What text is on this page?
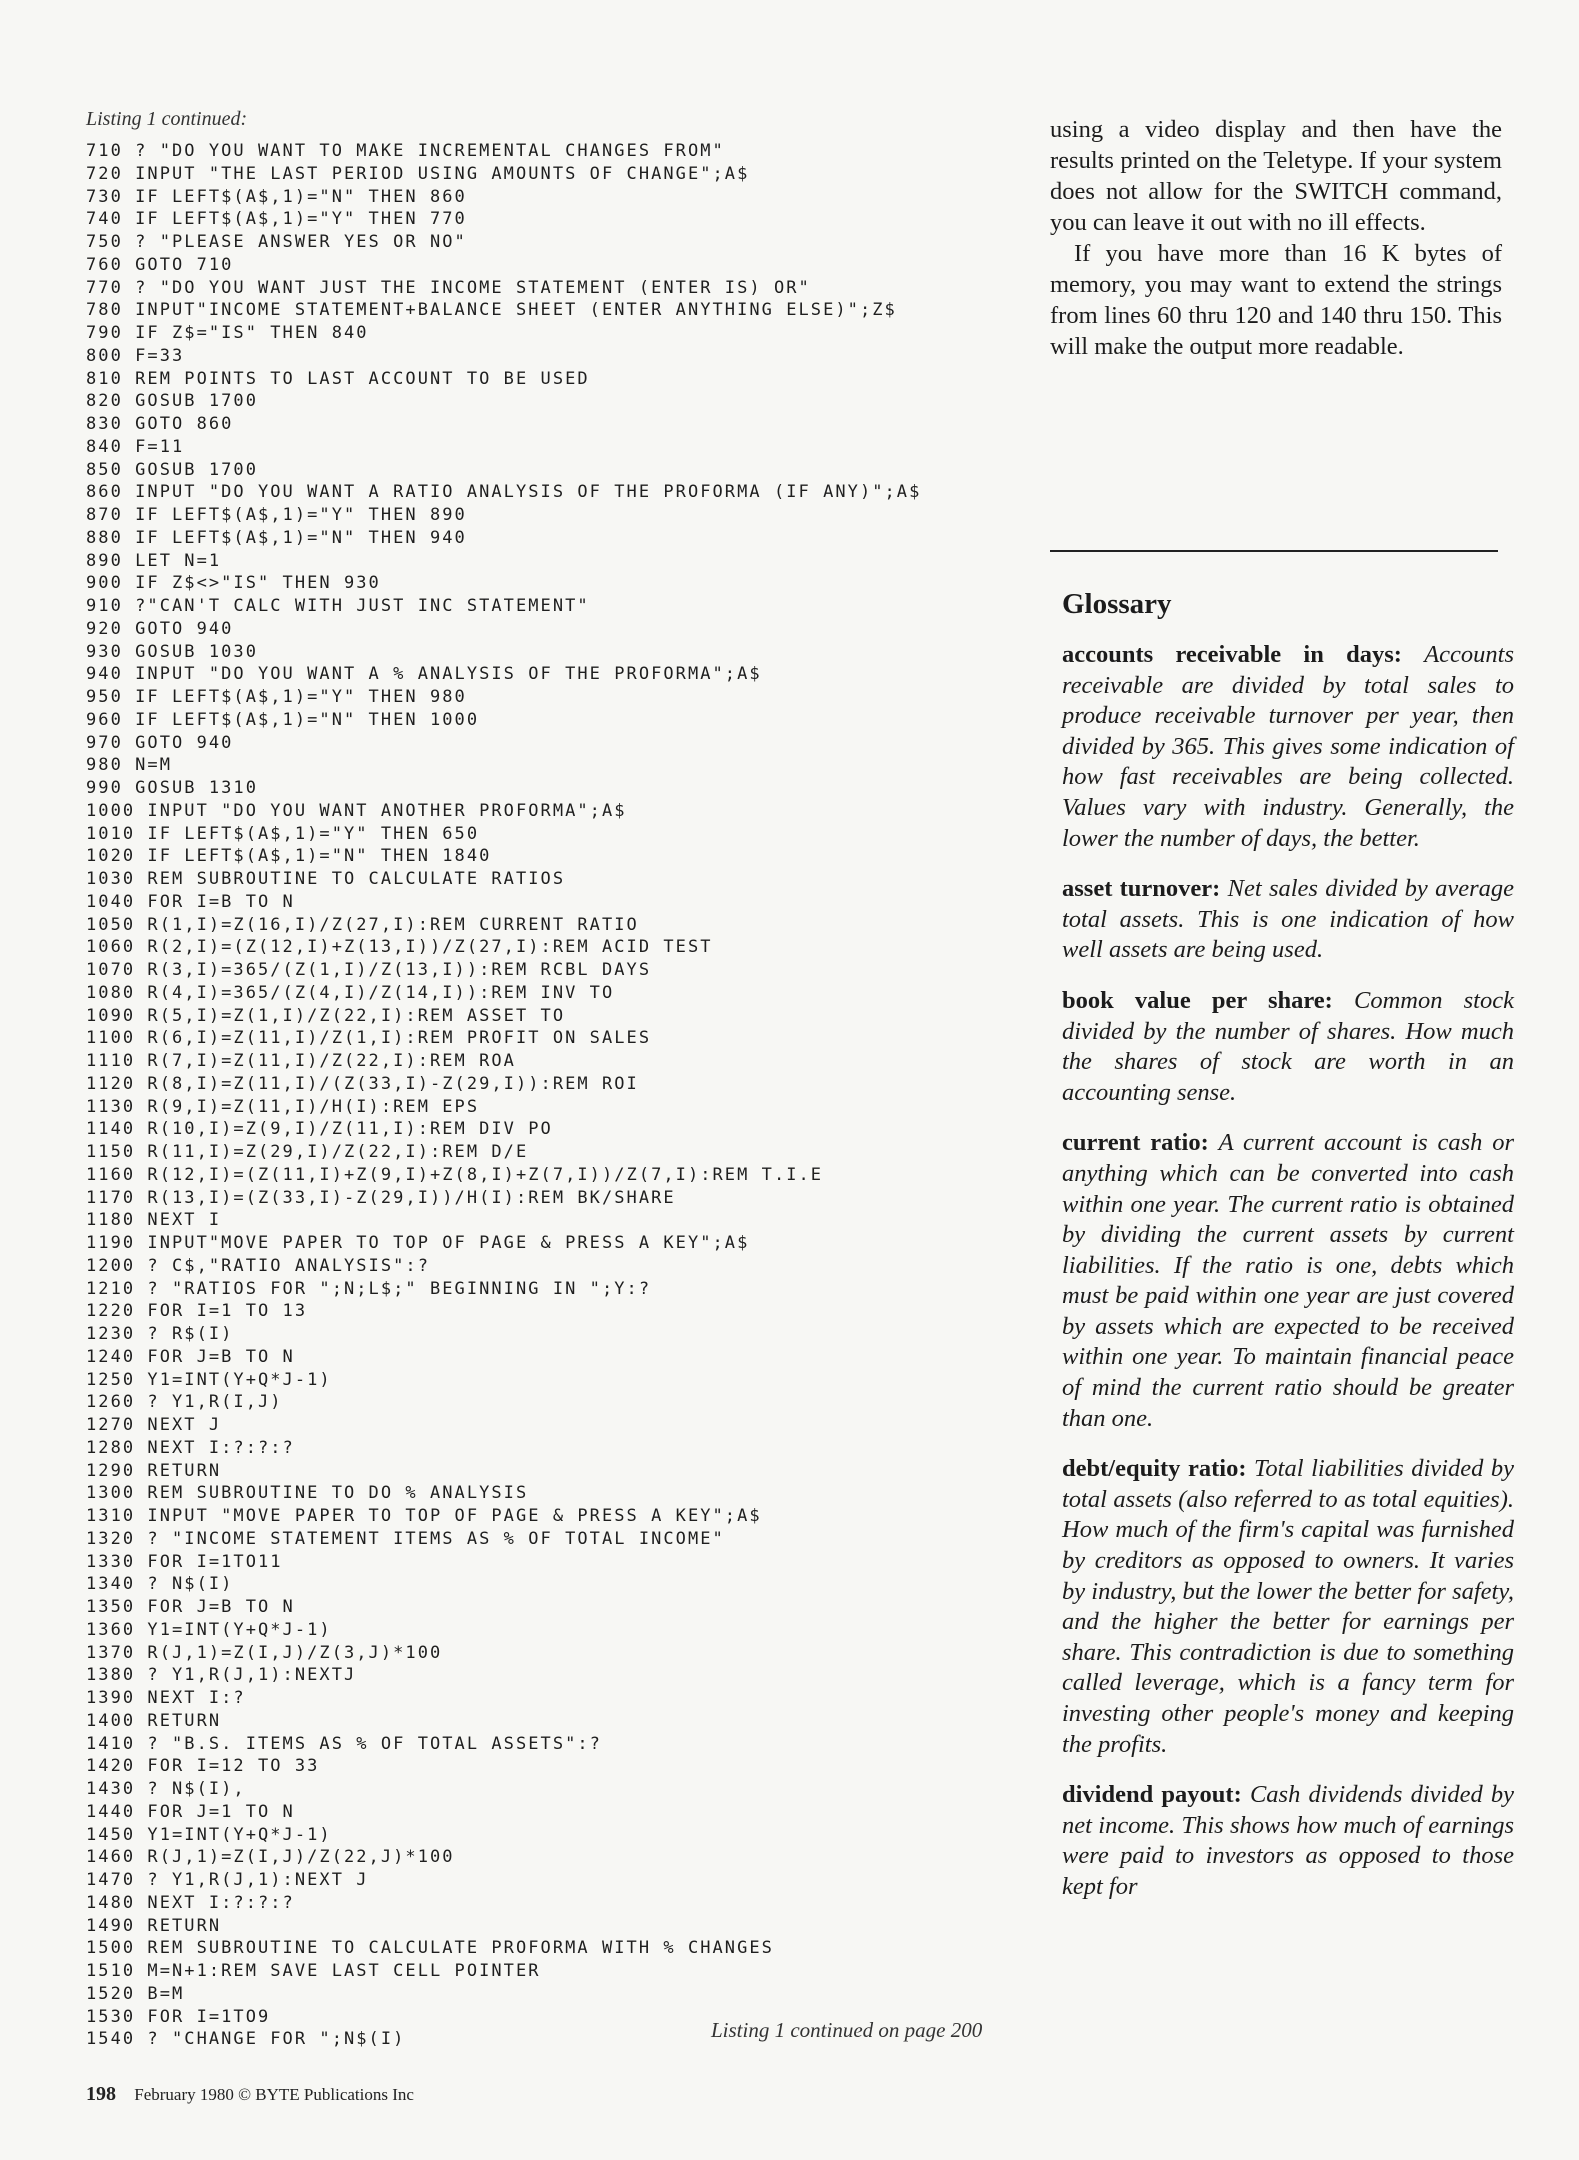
Listing 1 continued:
710 ? "DO YOU WANT TO MAKE INCREMENTAL CHANGES FROM"
720 INPUT "THE LAST PERIOD USING AMOUNTS OF CHANGE";A$
730 IF LEFT$(A$,1)="N" THEN 860
740 IF LEFT$(A$,1)="Y" THEN 770
750 ? "PLEASE ANSWER YES OR NO"
760 GOTO 710
770 ? "DO YOU WANT JUST THE INCOME STATEMENT (ENTER IS) OR"
780 INPUT"INCOME STATEMENT+BALANCE SHEET (ENTER ANYTHING ELSE)";Z$
790 IF Z$="IS" THEN 840
800 F=33
810 REM POINTS TO LAST ACCOUNT TO BE USED
820 GOSUB 1700
830 GOTO 860
840 F=11
850 GOSUB 1700
860 INPUT "DO YOU WANT A RATIO ANALYSIS OF THE PROFORMA (IF ANY)";A$
870 IF LEFT$(A$,1)="Y" THEN 890
880 IF LEFT$(A$,1)="N" THEN 940
890 LET N=1
900 IF Z$<>"IS" THEN 930
910 ?"CAN'T CALC WITH JUST INC STATEMENT"
920 GOTO 940
930 GOSUB 1030
940 INPUT "DO YOU WANT A % ANALYSIS OF THE PROFORMA";A$
950 IF LEFT$(A$,1)="Y" THEN 980
960 IF LEFT$(A$,1)="N" THEN 1000
970 GOTO 940
980 N=M
990 GOSUB 1310
1000 INPUT "DO YOU WANT ANOTHER PROFORMA";A$
1010 IF LEFT$(A$,1)="Y" THEN 650
1020 IF LEFT$(A$,1)="N" THEN 1840
1030 REM SUBROUTINE TO CALCULATE RATIOS
1040 FOR I=B TO N
1050 R(1,I)=Z(16,I)/Z(27,I):REM CURRENT RATIO
1060 R(2,I)=(Z(12,I)+Z(13,I))/Z(27,I):REM ACID TEST
1070 R(3,I)=365/(Z(1,I)/Z(13,I)):REM RCBL DAYS
1080 R(4,I)=365/(Z(4,I)/Z(14,I)):REM INV TO
1090 R(5,I)=Z(1,I)/Z(22,I):REM ASSET TO
1100 R(6,I)=Z(11,I)/Z(1,I):REM PROFIT ON SALES
1110 R(7,I)=Z(11,I)/Z(22,I):REM ROA
1120 R(8,I)=Z(11,I)/(Z(33,I)-Z(29,I)):REM ROI
1130 R(9,I)=Z(11,I)/H(I):REM EPS
1140 R(10,I)=Z(9,I)/Z(11,I):REM DIV PO
1150 R(11,I)=Z(29,I)/Z(22,I):REM D/E
1160 R(12,I)=(Z(11,I)+Z(9,I)+Z(8,I)+Z(7,I))/Z(7,I):REM T.I.E
1170 R(13,I)=(Z(33,I)-Z(29,I))/H(I):REM BK/SHARE
1180 NEXT I
1190 INPUT"MOVE PAPER TO TOP OF PAGE & PRESS A KEY";A$
1200 ? C$,"RATIO ANALYSIS":?
1210 ? "RATIOS FOR ";N;L$;" BEGINNING IN ";Y:?
1220 FOR I=1 TO 13
1230 ? R$(I)
1240 FOR J=B TO N
1250 Y1=INT(Y+Q*J-1)
1260 ? Y1,R(I,J)
1270 NEXT J
1280 NEXT I:?:?:?
1290 RETURN
1300 REM SUBROUTINE TO DO % ANALYSIS
1310 INPUT "MOVE PAPER TO TOP OF PAGE & PRESS A KEY";A$
1320 ? "INCOME STATEMENT ITEMS AS % OF TOTAL INCOME"
1330 FOR I=1TO11
1340 ? N$(I)
1350 FOR J=B TO N
1360 Y1=INT(Y+Q*J-1)
1370 R(J,1)=Z(I,J)/Z(3,J)*100
1380 ? Y1,R(J,1):NEXTJ
1390 NEXT I:?
1400 RETURN
1410 ? "B.S. ITEMS AS % OF TOTAL ASSETS":?
1420 FOR I=12 TO 33
1430 ? N$(I),
1440 FOR J=1 TO N
1450 Y1=INT(Y+Q*J-1)
1460 R(J,1)=Z(I,J)/Z(22,J)*100
1470 ? Y1,R(J,1):NEXT J
1480 NEXT I:?:?:?
1490 RETURN
1500 REM SUBROUTINE TO CALCULATE PROFORMA WITH % CHANGES
1510 M=N+1:REM SAVE LAST CELL POINTER
1520 B=M
1530 FOR I=1TO9
1540 ? "CHANGE FOR ";N$(I)	Listing 1 continued on page 200

using a video display and then have the results printed on the Teletype. If your system does not allow for the SWITCH command, you can leave it out with no ill effects.

If you have more than 16 K bytes of memory, you may want to extend the strings from lines 60 thru 120 and 140 thru 150. This will make the output more readable.

Glossary

accounts receivable in days: Accounts receivable are divided by total sales to produce receivable turnover per year, then divided by 365. This gives some indication of how fast receivables are being collected. Values vary with industry. Generally, the lower the number of days, the better.

asset turnover: Net sales divided by average total assets. This is one indication of how well assets are being used.

book value per share: Common stock divided by the number of shares. How much the shares of stock are worth in an accounting sense.

current ratio: A current account is cash or anything which can be converted into cash within one year. The current ratio is obtained by dividing the current assets by current liabilities. If the ratio is one, debts which must be paid within one year are just covered by assets which are expected to be received within one year. To maintain financial peace of mind the current ratio should be greater than one.

debt/equity ratio: Total liabilities divided by total assets (also referred to as total equities). How much of the firm's capital was furnished by creditors as opposed to owners. It varies by industry, but the lower the better for safety, and the higher the better for earnings per share. This contradiction is due to something called leverage, which is a fancy term for investing other people's money and keeping the profits.

dividend payout: Cash dividends divided by net income. This shows how much of earnings were paid to investors as opposed to those kept for

198 February 1980 © BYTE Publications Inc
